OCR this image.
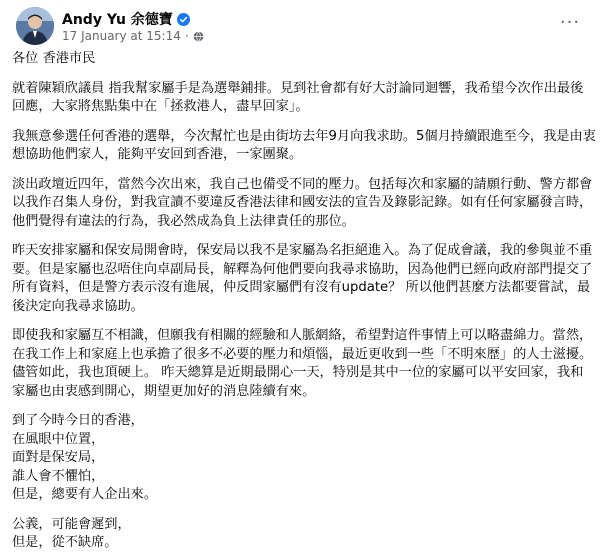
Andy Yu 余德寶
17 January at 15:14 ·
···

各位 香港市民

就着陳穎欣議員 指我幫家屬手是為選舉鋪排。見到社會都有好大討論同迴響，我希望今次作出最後回應，大家將焦點集中在「拯救港人，盡早回家」。

我無意參選任何香港的選舉，今次幫忙也是由街坊去年9月向我求助。5個月持續跟進至今，我是由衷想協助他們家人，能夠平安回到香港，一家團聚。

淡出政壇近四年，當然今次出來，我自己也備受不同的壓力。包括每次和家屬的請願行動、警方都會以我作召集人身份，對我宣讀不要違反香港法律和國安法的宣告及錄影記錄。如有任何家屬發言時，他們覺得有違法的行為，我必然成為負上法律責任的那位。

昨天安排家屬和保安局開會時，保安局以我不是家屬為名拒絕進入。為了促成會議，我的參與並不重要。但是家屬也忍唔住向卓副局長，解釋為何他們要向我尋求協助，因為他們已經向政府部門提交了所有資料，但是警方表示沒有進展，仲反問家屬們有沒有update？ 所以他們甚麼方法都要嘗試，最後決定向我尋求協助。

即使我和家屬互不相識，但願我有相關的經驗和人脈網絡，希望對這件事情上可以略盡綿力。當然，在我工作上和家庭上也承擔了很多不必要的壓力和煩惱，最近更收到一些「不明來歷」的人士滋擾。儘管如此，我也頂硬上。 昨天總算是近期最開心一天，特別是其中一位的家屬可以平安回家，我和家屬也由衷感到開心，期望更加好的消息陸續有來。

到了今時今日的香港，
在風眼中位置，
面對是保安局，
誰人會不懼怕，
但是，總要有人企出來。

公義，可能會遲到，
但是，從不缺席。
